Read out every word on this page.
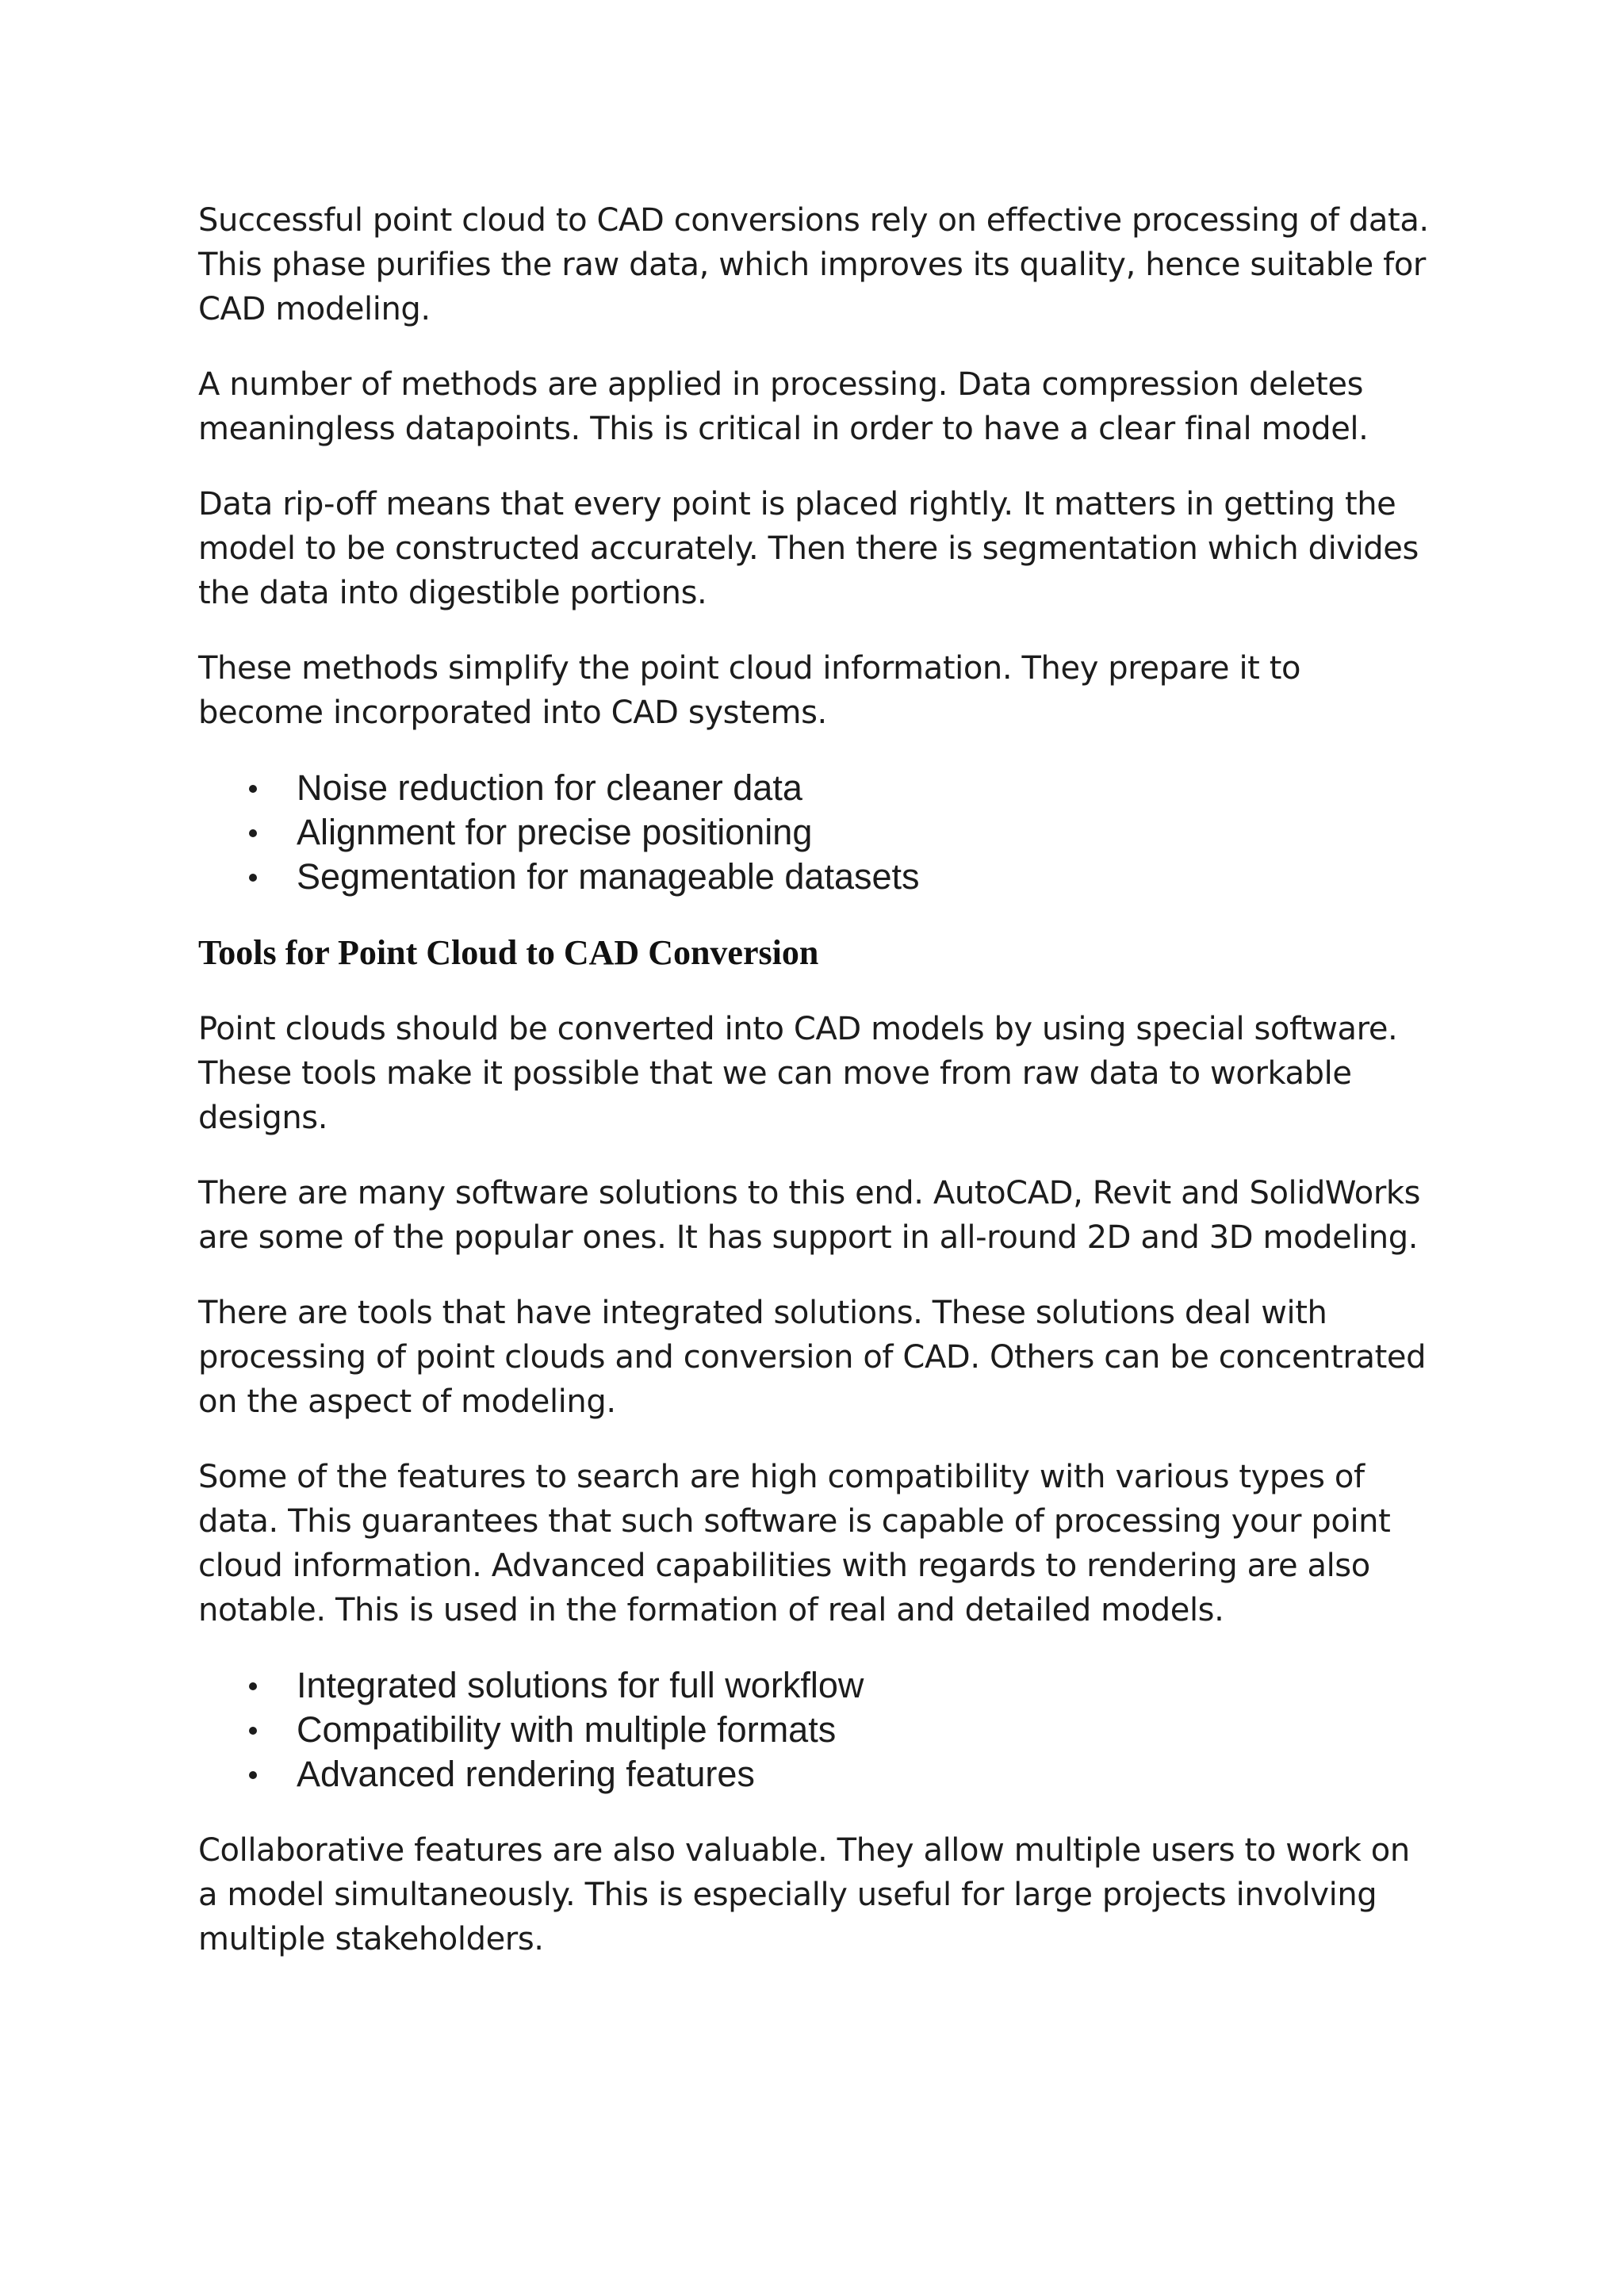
Successful point cloud to CAD conversions rely on effective processing of data. This phase purifies the raw data, which improves its quality, hence suitable for CAD modeling.

A number of methods are applied in processing. Data compression deletes meaningless datapoints. This is critical in order to have a clear final model.

Data rip-off means that every point is placed rightly. It matters in getting the model to be constructed accurately. Then there is segmentation which divides the data into digestible portions.

These methods simplify the point cloud information. They prepare it to become incorporated into CAD systems.

Noise reduction for cleaner data
Alignment for precise positioning
Segmentation for manageable datasets
Tools for Point Cloud to CAD Conversion

Point clouds should be converted into CAD models by using special software. These tools make it possible that we can move from raw data to workable designs.

There are many software solutions to this end. AutoCAD, Revit and SolidWorks are some of the popular ones. It has support in all-round 2D and 3D modeling.

There are tools that have integrated solutions. These solutions deal with processing of point clouds and conversion of CAD. Others can be concentrated on the aspect of modeling.

Some of the features to search are high compatibility with various types of data. This guarantees that such software is capable of processing your point cloud information. Advanced capabilities with regards to rendering are also notable. This is used in the formation of real and detailed models.

Integrated solutions for full workflow
Compatibility with multiple formats
Advanced rendering features

Collaborative features are also valuable. They allow multiple users to work on a model simultaneously. This is especially useful for large projects involving multiple stakeholders.
